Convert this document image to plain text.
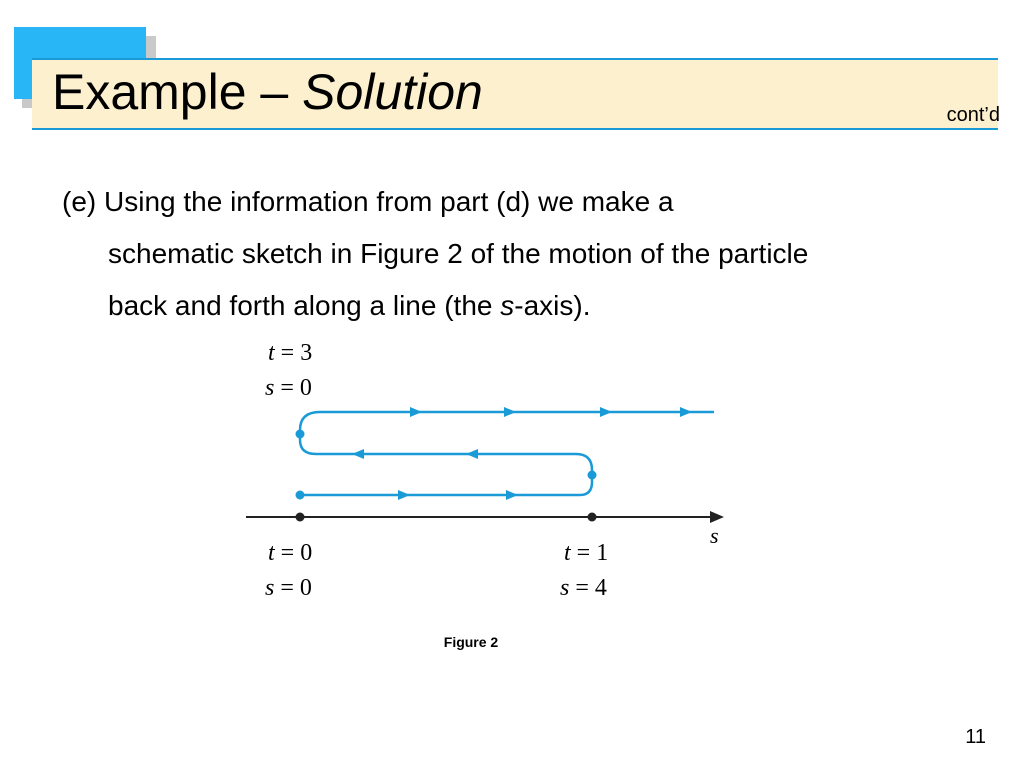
Example – Solution	cont’d
(e) Using the information from part (d) we make a
schematic sketch in Figure 2 of the motion of the particle
back and forth along a line (the s-axis).
t = 3
s = 0
s
t = 0
s = 0
t = 1
s = 4
Figure 2
11
